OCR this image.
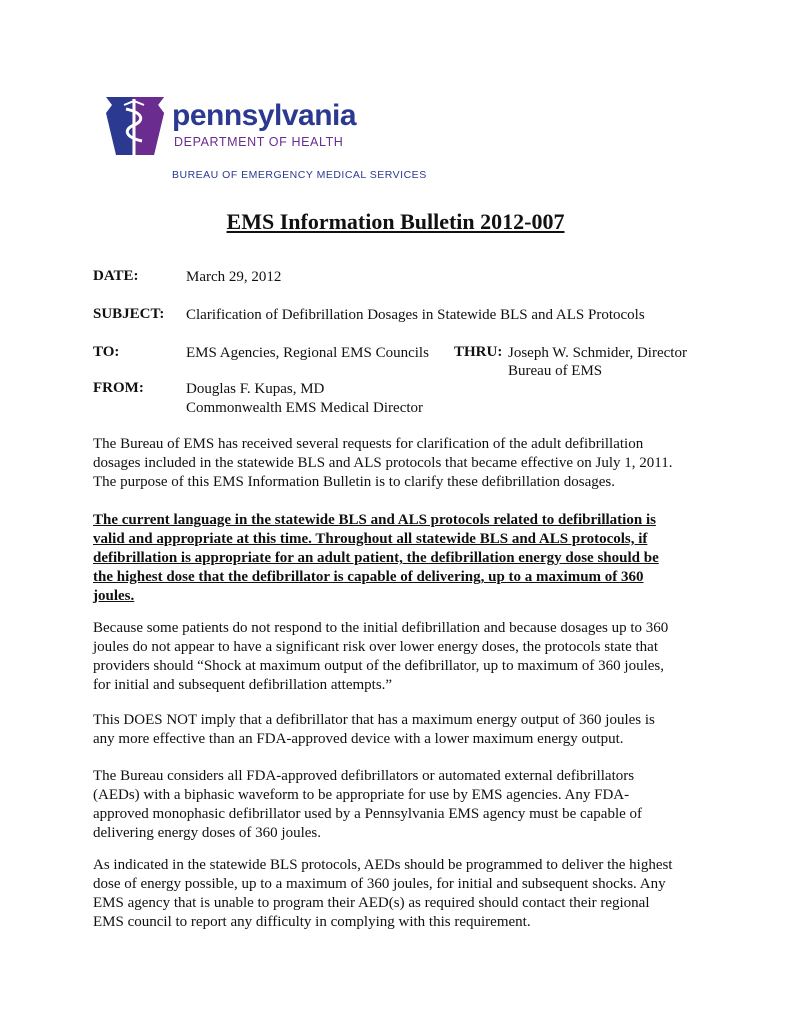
pennsylvania
DEPARTMENT OF HEALTH
BUREAU OF EMERGENCY MEDICAL SERVICES
EMS Information Bulletin 2012-007
DATE:	March 29, 2012
SUBJECT: Clarification of Defibrillation Dosages in Statewide BLS and ALS Protocols
TO:	EMS Agencies, Regional EMS Councils THRU: Joseph W. Schmider, Director
Bureau of EMS
FROM:	Douglas F. Kupas, MD
Commonwealth EMS Medical Director
The Bureau of EMS has received several requests for clarification of the adult defibrillation
dosages included in the statewide BLS and ALS protocols that became effective on July 1, 2011.
The purpose of this EMS Information Bulletin is to clarify these defibrillation dosages.
The current language in the statewide BLS and ALS protocols related to defibrillation is
valid and appropriate at this time. Throughout all statewide BLS and ALS protocols, if
defibrillation is appropriate for an adult patient, the defibrillation energy dose should be
the highest dose that the defibrillator is capable of delivering, up to a maximum of 360
joules.
Because some patients do not respond to the initial defibrillation and because dosages up to 360
joules do not appear to have a significant risk over lower energy doses, the protocols state that
providers should “Shock at maximum output of the defibrillator, up to maximum of 360 joules,
for initial and subsequent defibrillation attempts.”
This DOES NOT imply that a defibrillator that has a maximum energy output of 360 joules is
any more effective than an FDA-approved device with a lower maximum energy output.
The Bureau considers all FDA-approved defibrillators or automated external defibrillators
(AEDs) with a biphasic waveform to be appropriate for use by EMS agencies. Any FDA-
approved monophasic defibrillator used by a Pennsylvania EMS agency must be capable of
delivering energy doses of 360 joules.
As indicated in the statewide BLS protocols, AEDs should be programmed to deliver the highest
dose of energy possible, up to a maximum of 360 joules, for initial and subsequent shocks. Any
EMS agency that is unable to program their AED(s) as required should contact their regional
EMS council to report any difficulty in complying with this requirement.
